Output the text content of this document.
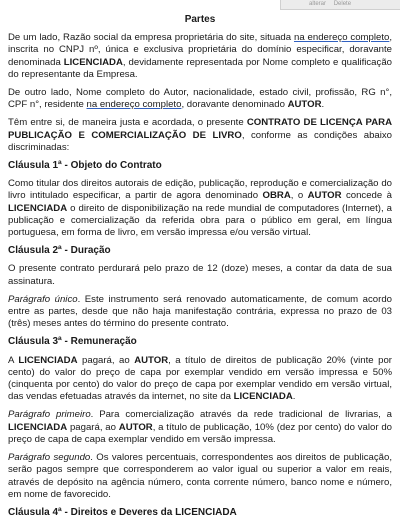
alterar Delete
Partes

De um lado, Razão social da empresa proprietária do site, situada na endereço completo, inscrita no CNPJ nº, única e exclusiva proprietária do domínio especificar, doravante denominada LICENCIADA, devidamente representada por Nome completo e qualificação do representante da Empresa.

De outro lado, Nome completo do Autor, nacionalidade, estado civil, profissão, RG n°, CPF n°, residente na endereço completo, doravante denominado AUTOR.

Têm entre si, de maneira justa e acordada, o presente CONTRATO DE LICENÇA PARA PUBLICAÇÃO E COMERCIALIZAÇÃO DE LIVRO, conforme as condições abaixo discriminadas:

Cláusula 1ª - Objeto do Contrato

Como titular dos direitos autorais de edição, publicação, reprodução e comercialização do livro intitulado especificar, a partir de agora denominado OBRA, o AUTOR concede à LICENCIADA o direito de disponibilização na rede mundial de computadores (Internet), a publicação e comercialização da referida obra para o público em geral, em língua portuguesa, em forma de livro, em versão impressa e/ou versão virtual.

Cláusula 2ª - Duração

O presente contrato perdurará pelo prazo de 12 (doze) meses, a contar da data de sua assinatura.

Parágrafo único. Este instrumento será renovado automaticamente, de comum acordo entre as partes, desde que não haja manifestação contrária, expressa no prazo de 03 (três) meses antes do término do presente contrato.

Cláusula 3ª - Remuneração

A LICENCIADA pagará, ao AUTOR, a título de direitos de publicação 20% (vinte por cento) do valor do preço de capa por exemplar vendido em versão impressa e 50% (cinquenta por cento) do valor do preço de capa por exemplar vendido em versão virtual, das vendas efetuadas através da internet, no site da LICENCIADA.

Parágrafo primeiro. Para comercialização através da rede tradicional de livrarias, a LICENCIADA pagará, ao AUTOR, a título de publicação, 10% (dez por cento) do valor do preço de capa de capa exemplar vendido em versão impressa.

Parágrafo segundo. Os valores percentuais, correspondentes aos direitos de publicação, serão pagos sempre que corresponderem ao valor igual ou superior a valor em reais, através de depósito na agência número, conta corrente número, banco nome e número, em nome de favorecido.

Cláusula 4ª - Direitos e Deveres da LICENCIADA
